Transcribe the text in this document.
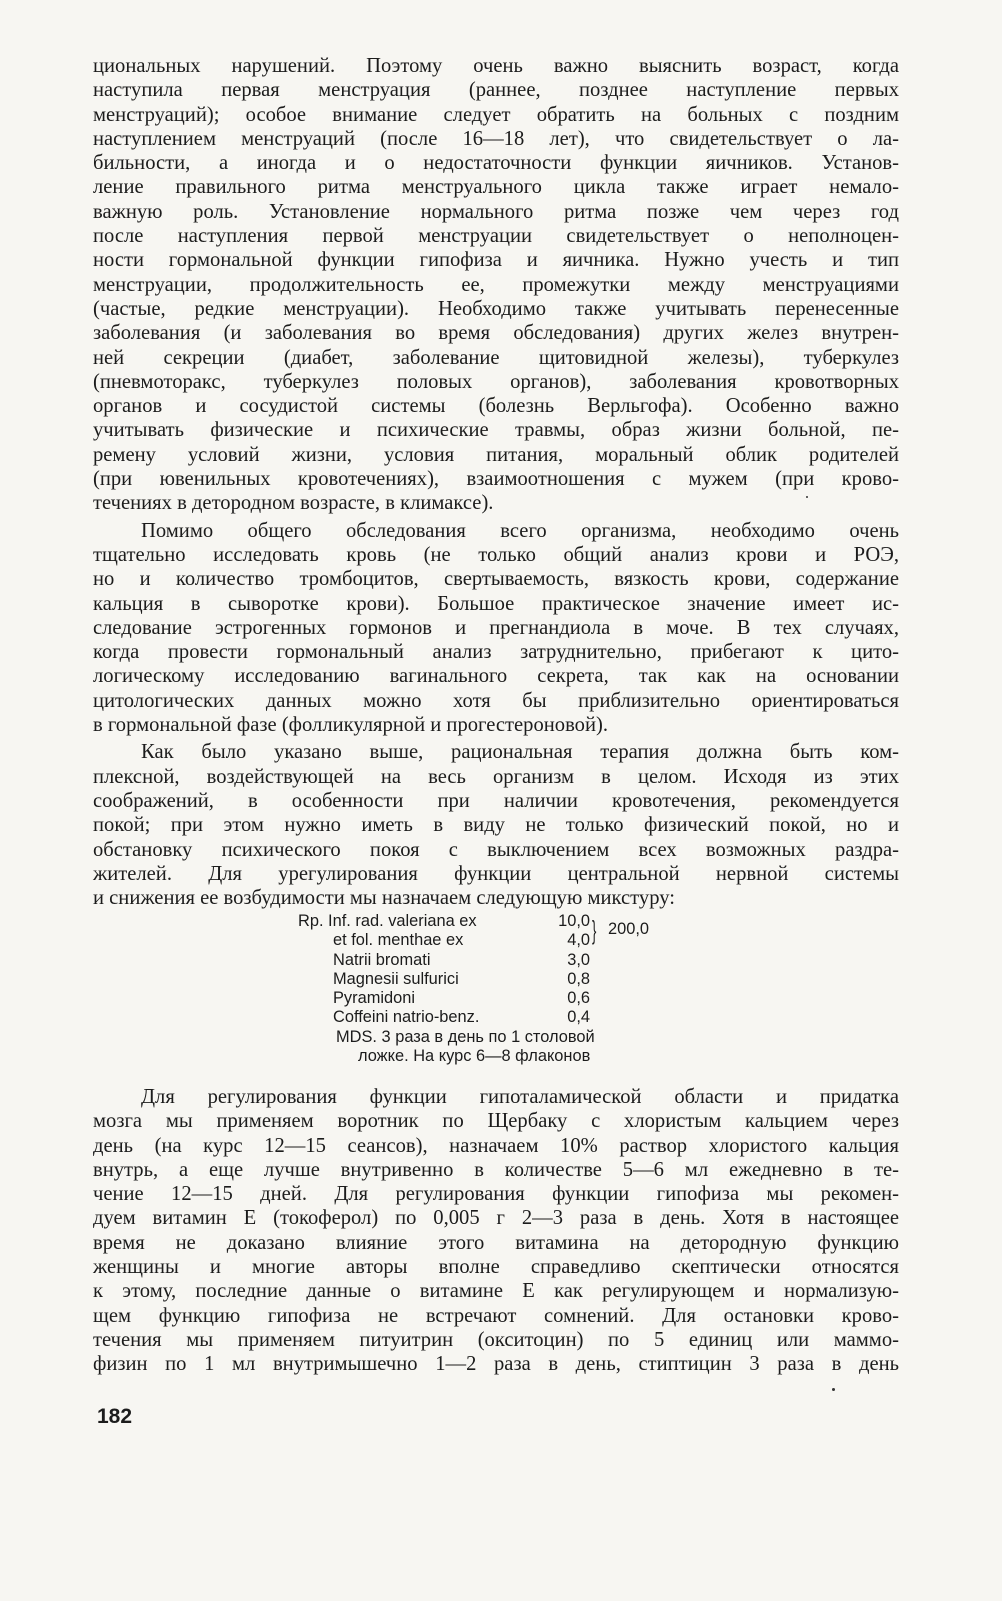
циональных нарушений. Поэтому очень важно выяснить возраст, когда
наступила первая менструация (раннее, позднее наступление первых
менструаций); особое внимание следует обратить на больных с поздним
наступлением менструаций (после 16—18 лет), что свидетельствует о ла-
бильности, а иногда и о недостаточности функции яичников. Установ-
ление правильного ритма менструального цикла также играет немало-
важную роль. Установление нормального ритма позже чем через год
после наступления первой менструации свидетельствует о неполноцен-
ности гормональной функции гипофиза и яичника. Нужно учесть и тип
менструации, продолжительность ее, промежутки между менструациями
(частые, редкие менструации). Необходимо также учитывать перенесенные
заболевания (и заболевания во время обследования) других желез внутрен-
ней секреции (диабет, заболевание щитовидной железы), туберкулез
(пневмоторакс, туберкулез половых органов), заболевания кровотворных
органов и сосудистой системы (болезнь Верльгофа). Особенно важно
учитывать физические и психические травмы, образ жизни больной, пе-
ремену условий жизни, условия питания, моральный облик родителей
(при ювенильных кровотечениях), взаимоотношения с мужем (при крово-
течениях в детородном возрасте, в климаксе).
Помимо общего обследования всего организма, необходимо очень
тщательно исследовать кровь (не только общий анализ крови и РОЭ,
но и количество тромбоцитов, свертываемость, вязкость крови, содержание
кальция в сыворотке крови). Большое практическое значение имеет ис-
следование эстрогенных гормонов и прегнандиола в моче. В тех случаях,
когда провести гормональный анализ затруднительно, прибегают к цито-
логическому исследованию вагинального секрета, так как на основании
цитологических данных можно хотя бы приблизительно ориентироваться
в гормональной фазе (фолликулярной и прогестероновой).
Как было указано выше, рациональная терапия должна быть ком-
плексной, воздействующей на весь организм в целом. Исходя из этих
соображений, в особенности при наличии кровотечения, рекомендуется
покой; при этом нужно иметь в виду не только физический покой, но и
обстановку психического покоя с выключением всех возможных раздра-
жителей. Для урегулирования функции центральной нервной системы
и снижения ее возбудимости мы назначаем следующую микстуру:
Rp. Inf. rad. valeriana ex	10,0 } 200,0
et fol. menthae ex	4,0
Natrii bromati	3,0
Magnesii sulfurici	0,8
Pyramidoni	0,6
Coffeini natrio-benz.	0,4
MDS. 3 раза в день по 1 столовой
ложке. На курс 6—8 флаконов
Для регулирования функции гипоталамической области и придатка
мозга мы применяем воротник по Щербаку с хлористым кальцием через
день (на курс 12—15 сеансов), назначаем 10% раствор хлористого кальция
внутрь, а еще лучше внутривенно в количестве 5—6 мл ежедневно в те-
чение 12—15 дней. Для регулирования функции гипофиза мы рекомен-
дуем витамин Е (токоферол) по 0,005 г 2—3 раза в день. Хотя в настоящее
время не доказано влияние этого витамина на детородную функцию
женщины и многие авторы вполне справедливо скептически относятся
к этому, последние данные о витамине Е как регулирующем и нормализую-
щем функцию гипофиза не встречают сомнений. Для остановки крово-
течения мы применяем питуитрин (окситоцин) по 5 единиц или маммо-
физин по 1 мл внутримышечно 1—2 раза в день, стиптицин 3 раза в день
182
